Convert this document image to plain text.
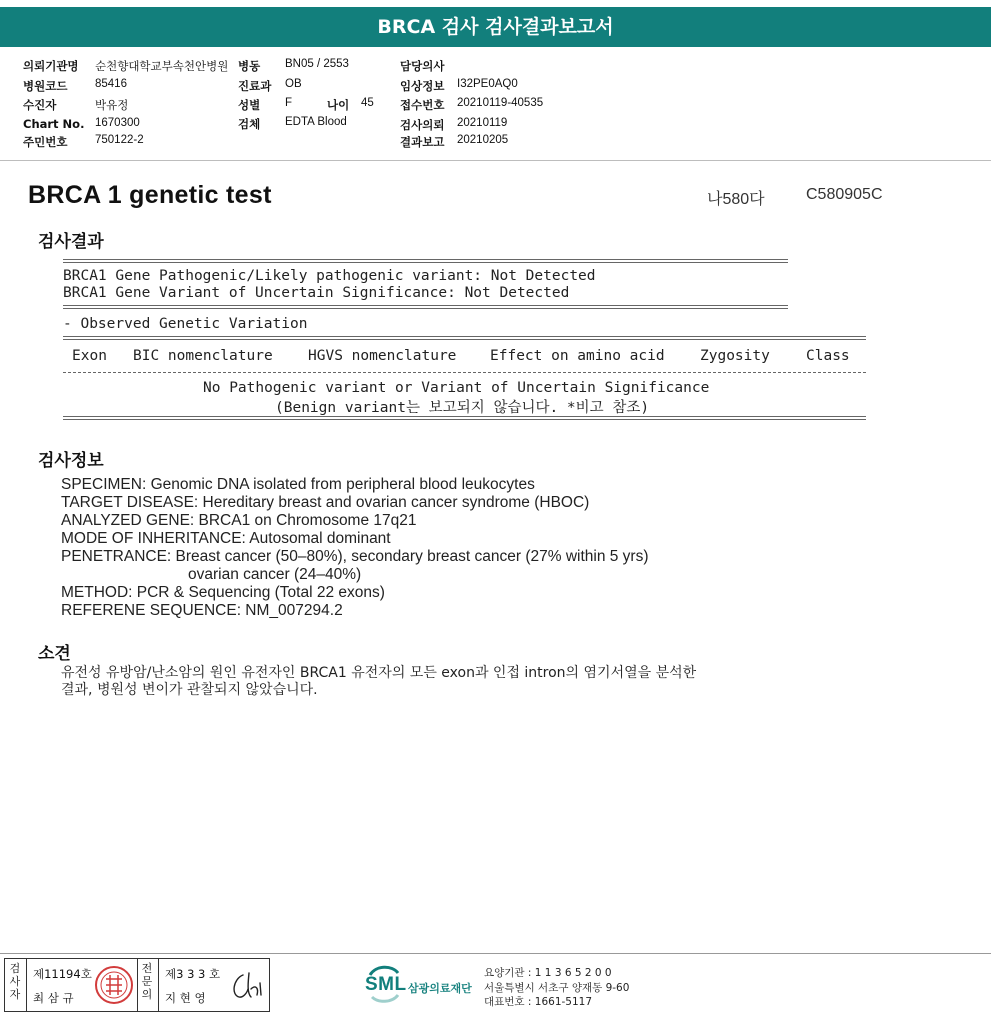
BRCA 검사 검사결과보고서
의뢰기관명 순천향대학교부속천안병원 병동 BN05 / 2553	담당의사
병원코드 85416	진료과 OB	임상정보 I32PE0AQ0
수진자	박유정	성별 F	나이 45 접수번호 20210119-40535
Chart No. 1670300	검체 EDTA Blood	검사의뢰 20210119
주민번호 750122-2	결과보고 20210205
BRCA 1 genetic test	나580다	C580905C
검사결과
BRCA1 Gene Pathogenic/Likely pathogenic variant: Not Detected
BRCA1 Gene Variant of Uncertain Significance: Not Detected
- Observed Genetic Variation
Exon BIC nomenclature HGVS nomenclature Effect on amino acid Zygosity Class
No Pathogenic variant or Variant of Uncertain Significance
(Benign variant는 보고되지 않습니다. *비고 참조)
검사정보
SPECIMEN: Genomic DNA isolated from peripheral blood leukocytes
TARGET DISEASE: Hereditary breast and ovarian cancer syndrome (HBOC)
ANALYZED GENE: BRCA1 on Chromosome 17q21
MODE OF INHERITANCE: Autosomal dominant
PENETRANCE: Breast cancer (50–80%), secondary breast cancer (27% within 5 yrs)
ovarian cancer (24–40%)
METHOD: PCR & Sequencing (Total 22 exons)
REFERENE SEQUENCE: NM_007294.2
소견
유전성 유방암/난소암의 원인 유전자인 BRCA1 유전자의 모든 exon과 인접 intron의 염기서열을 분석한
결과, 병원성 변이가 관찰되지 않았습니다.
검사자
제11194호
최 삼 규
전문의
제3 3 3 호
지 현 영
SML 삼광의료재단
요양기관 : 1 1 3 6 5 2 0 0
서울특별시 서초구 양재동 9-60
대표번호 : 1661-5117
